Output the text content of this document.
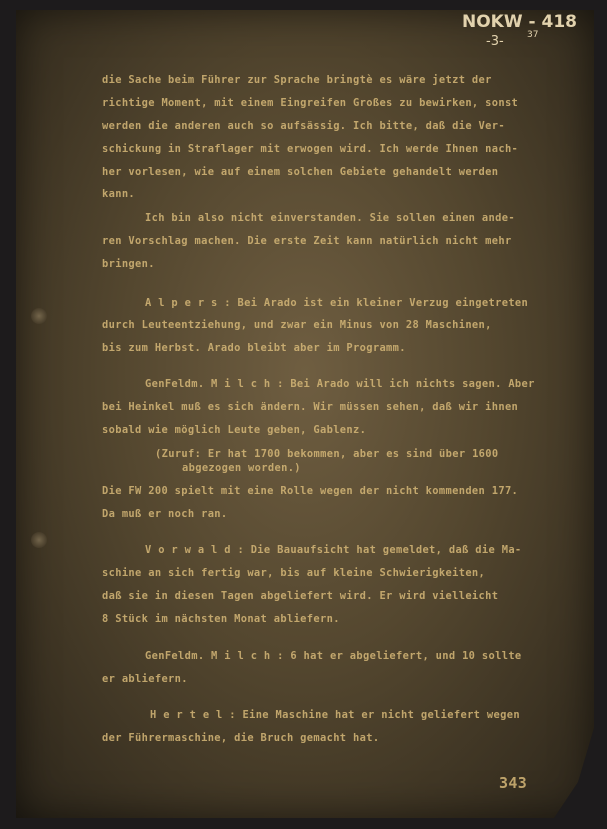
NOKW - 418
-3-	37
die Sache beim Führer zur Sprache bringtè es wäre jetzt der
richtige Moment, mit einem Eingreifen Großes zu bewirken, sonst
werden die anderen auch so aufsässig. Ich bitte, daß die Ver-
schickung in Straflager mit erwogen wird. Ich werde Ihnen nach-
her vorlesen, wie auf einem solchen Gebiete gehandelt werden
kann.
Ich bin also nicht einverstanden. Sie sollen einen ande-
ren Vorschlag machen. Die erste Zeit kann natürlich nicht mehr
bringen.
A l p e r s : Bei Arado ist ein kleiner Verzug eingetreten
durch Leuteentziehung, und zwar ein Minus von 28 Maschinen,
bis zum Herbst. Arado bleibt aber im Programm.
GenFeldm. M i l c h : Bei Arado will ich nichts sagen. Aber
bei Heinkel muß es sich ändern. Wir müssen sehen, daß wir ihnen
sobald wie möglich Leute geben, Gablenz.
(Zuruf: Er hat 1700 bekommen, aber es sind über 1600
abgezogen worden.)
Die FW 200 spielt mit eine Rolle wegen der nicht kommenden 177.
Da muß er noch ran.
V o r w a l d : Die Bauaufsicht hat gemeldet, daß die Ma-
schine an sich fertig war, bis auf kleine Schwierigkeiten,
daß sie in diesen Tagen abgeliefert wird. Er wird vielleicht
8 Stück im nächsten Monat abliefern.
GenFeldm. M i l c h : 6 hat er abgeliefert, und 10 sollte
er abliefern.
H e r t e l : Eine Maschine hat er nicht geliefert wegen
der Führermaschine, die Bruch gemacht hat.
343
